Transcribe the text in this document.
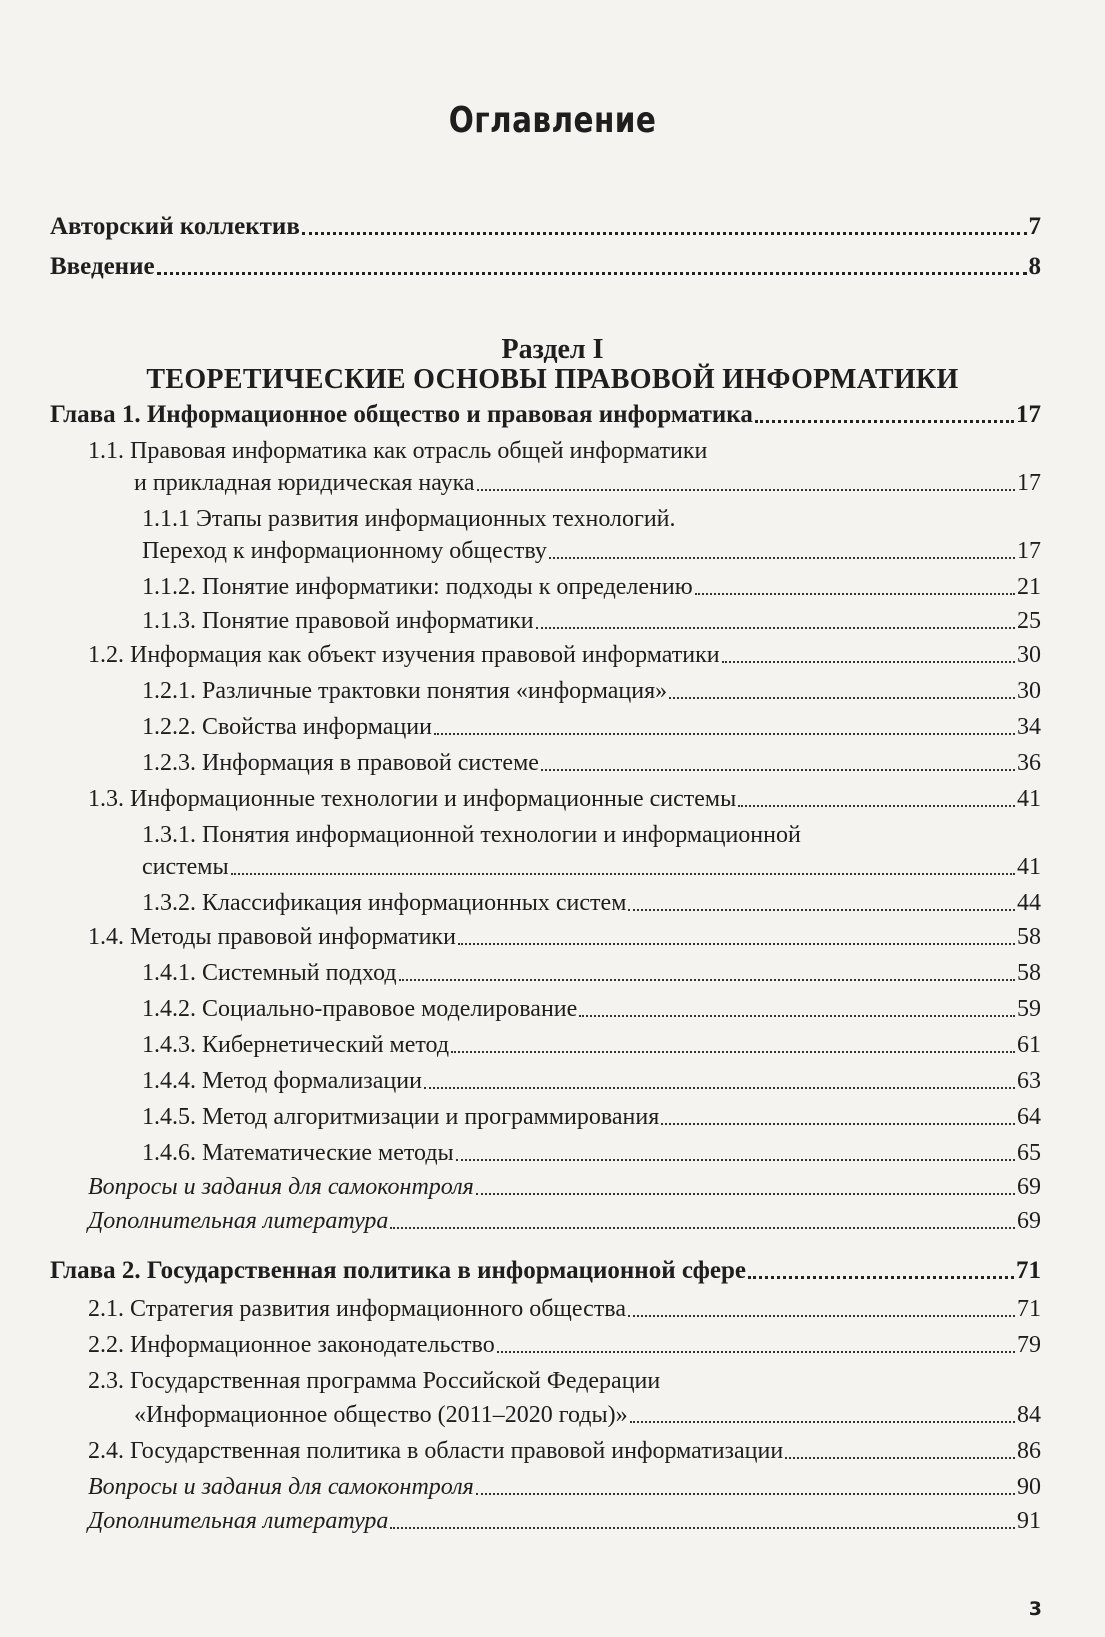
Оглавление
Авторский коллектив	7
Введение	8
Раздел I
ТЕОРЕТИЧЕСКИЕ ОСНОВЫ ПРАВОВОЙ ИНФОРМАТИКИ
Глава 1. Информационное общество и правовая информатика	17
1.1. Правовая информатика как отрасль общей информатики
и прикладная юридическая наука	17
1.1.1 Этапы развития информационных технологий.
Переход к информационному обществу	17
1.1.2. Понятие информатики: подходы к определению	21
1.1.3. Понятие правовой информатики	25
1.2. Информация как объект изучения правовой информатики	30
1.2.1. Различные трактовки понятия «информация»	30
1.2.2. Свойства информации	34
1.2.3. Информация в правовой системе	36
1.3. Информационные технологии и информационные системы	41
1.3.1. Понятия информационной технологии и информационной
системы	41
1.3.2. Классификация информационных систем	44
1.4. Методы правовой информатики	58
1.4.1. Системный подход	58
1.4.2. Социально-правовое моделирование	59
1.4.3. Кибернетический метод	61
1.4.4. Метод формализации	63
1.4.5. Метод алгоритмизации и программирования	64
1.4.6. Математические методы	65
Вопросы и задания для самоконтроля	69
Дополнительная литература	69
Глава 2. Государственная политика в информационной сфере	71
2.1. Стратегия развития информационного общества	71
2.2. Информационное законодательство	79
2.3. Государственная программа Российской Федерации
«Информационное общество (2011–2020 годы)»	84
2.4. Государственная политика в области правовой информатизации	86
Вопросы и задания для самоконтроля	90
Дополнительная литература	91
3
